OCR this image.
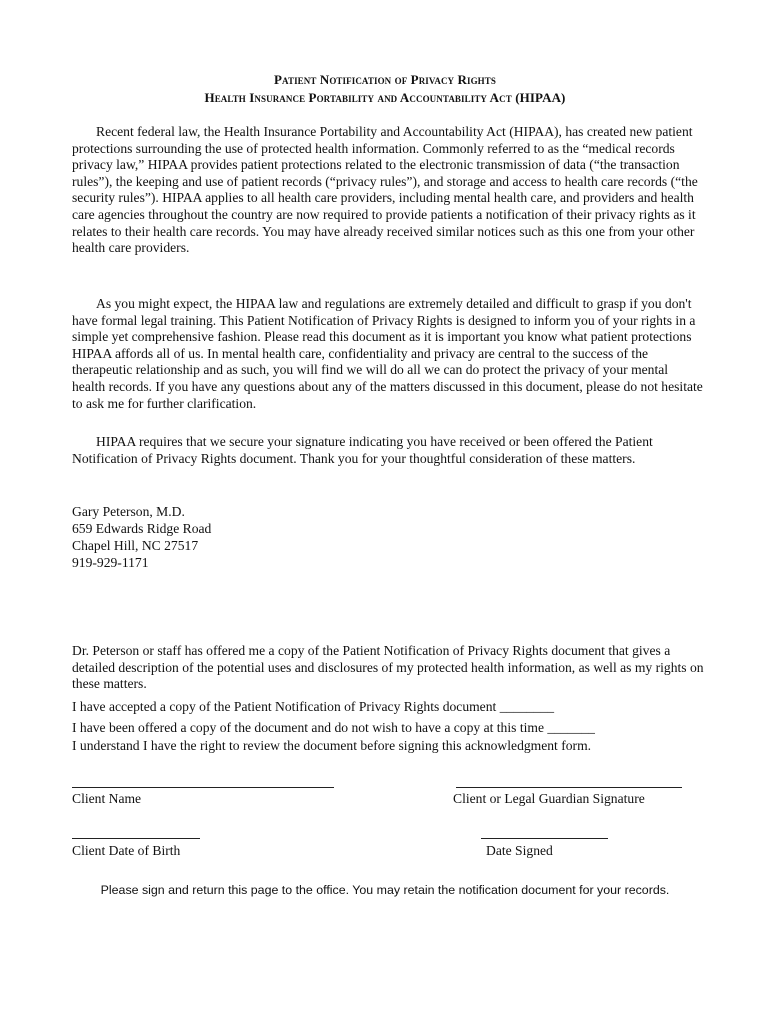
Patient Notification of Privacy Rights
Health Insurance Portability and Accountability Act (HIPAA)

Recent federal law, the Health Insurance Portability and Accountability Act (HIPAA), has created new patient protections surrounding the use of protected health information. Commonly referred to as the “medical records privacy law,” HIPAA provides patient protections related to the electronic transmission of data (“the transaction rules”), the keeping and use of patient records (“privacy rules”), and storage and access to health care records (“the security rules”). HIPAA applies to all health care providers, including mental health care, and providers and health care agencies throughout the country are now required to provide patients a notification of their privacy rights as it relates to their health care records. You may have already received similar notices such as this one from your other health care providers.

As you might expect, the HIPAA law and regulations are extremely detailed and difficult to grasp if you don't have formal legal training. This Patient Notification of Privacy Rights is designed to inform you of your rights in a simple yet comprehensive fashion. Please read this document as it is important you know what patient protections HIPAA affords all of us. In mental health care, confidentiality and privacy are central to the success of the therapeutic relationship and as such, you will find we will do all we can do protect the privacy of your mental health records. If you have any questions about any of the matters discussed in this document, please do not hesitate to ask me for further clarification.

HIPAA requires that we secure your signature indicating you have received or been offered the Patient Notification of Privacy Rights document. Thank you for your thoughtful consideration of these matters.

Gary Peterson, M.D.
659 Edwards Ridge Road
Chapel Hill, NC 27517
919-929-1171
Dr. Peterson or staff has offered me a copy of the Patient Notification of Privacy Rights document that gives a detailed description of the potential uses and disclosures of my protected health information, as well as my rights on these matters.
I have accepted a copy of the Patient Notification of Privacy Rights document ________
I have been offered a copy of the document and do not wish to have a copy at this time _______
I understand I have the right to review the document before signing this acknowledgment form.
Client Name	Client or Legal Guardian Signature
Client Date of Birth	Date Signed
Please sign and return this page to the office. You may retain the notification document for your records.
